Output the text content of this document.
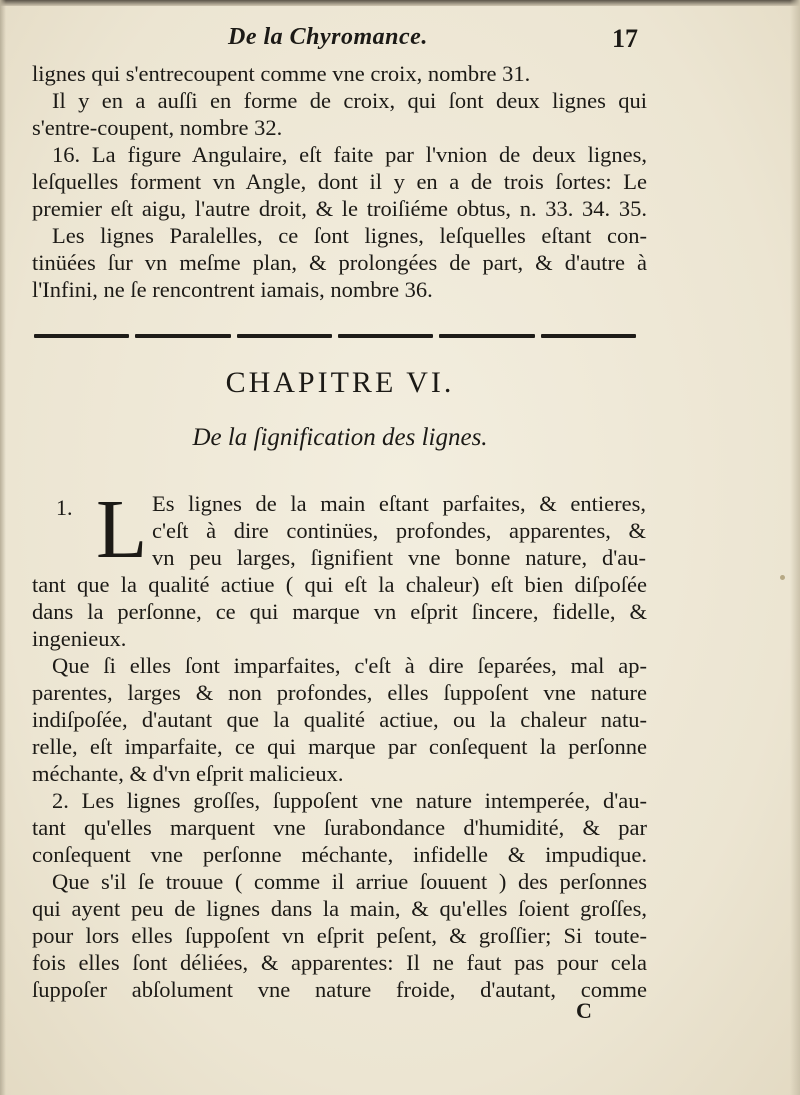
De la Chyromance.	17
lignes qui s'entrecoupent comme vne croix, nombre 31.
Il y en a auſſi en forme de croix, qui ſont deux lignes qui
s'entre-coupent, nombre 32.
16. La figure Angulaire, eſt faite par l'vnion de deux lignes,
leſquelles forment vn Angle, dont il y en a de trois ſortes: Le
premier eſt aigu, l'autre droit, & le troiſiéme obtus, n. 33. 34. 35.
Les lignes Paralelles, ce ſont lignes, leſquelles eſtant con-
tinüées ſur vn meſme plan, & prolongées de part, & d'autre à
l'Infini, ne ſe rencontrent iamais, nombre 36.
CHAPITRE VI.
De la ſignification des lignes.
1. L Es lignes de la main eſtant parfaites, & entieres,
c'eſt à dire continües, profondes, apparentes, &
vn peu larges, ſignifient vne bonne nature, d'au-
tant que la qualité actiue ( qui eſt la chaleur) eſt bien diſpoſée
dans la perſonne, ce qui marque vn eſprit ſincere, fidelle, &
ingenieux.
Que ſi elles ſont imparfaites, c'eſt à dire ſeparées, mal ap-
parentes, larges & non profondes, elles ſuppoſent vne nature
indiſpoſée, d'autant que la qualité actiue, ou la chaleur natu-
relle, eſt imparfaite, ce qui marque par conſequent la perſonne
méchante, & d'vn eſprit malicieux.
2. Les lignes groſſes, ſuppoſent vne nature intemperée, d'au-
tant qu'elles marquent vne ſurabondance d'humidité, & par
conſequent vne perſonne méchante, infidelle & impudique.
Que s'il ſe trouue ( comme il arriue ſouuent ) des perſonnes
qui ayent peu de lignes dans la main, & qu'elles ſoient groſſes,
pour lors elles ſuppoſent vn eſprit peſent, & groſſier; Si toute-
fois elles ſont déliées, & apparentes: Il ne faut pas pour cela
ſuppoſer abſolument vne nature froide, d'autant, comme
C
